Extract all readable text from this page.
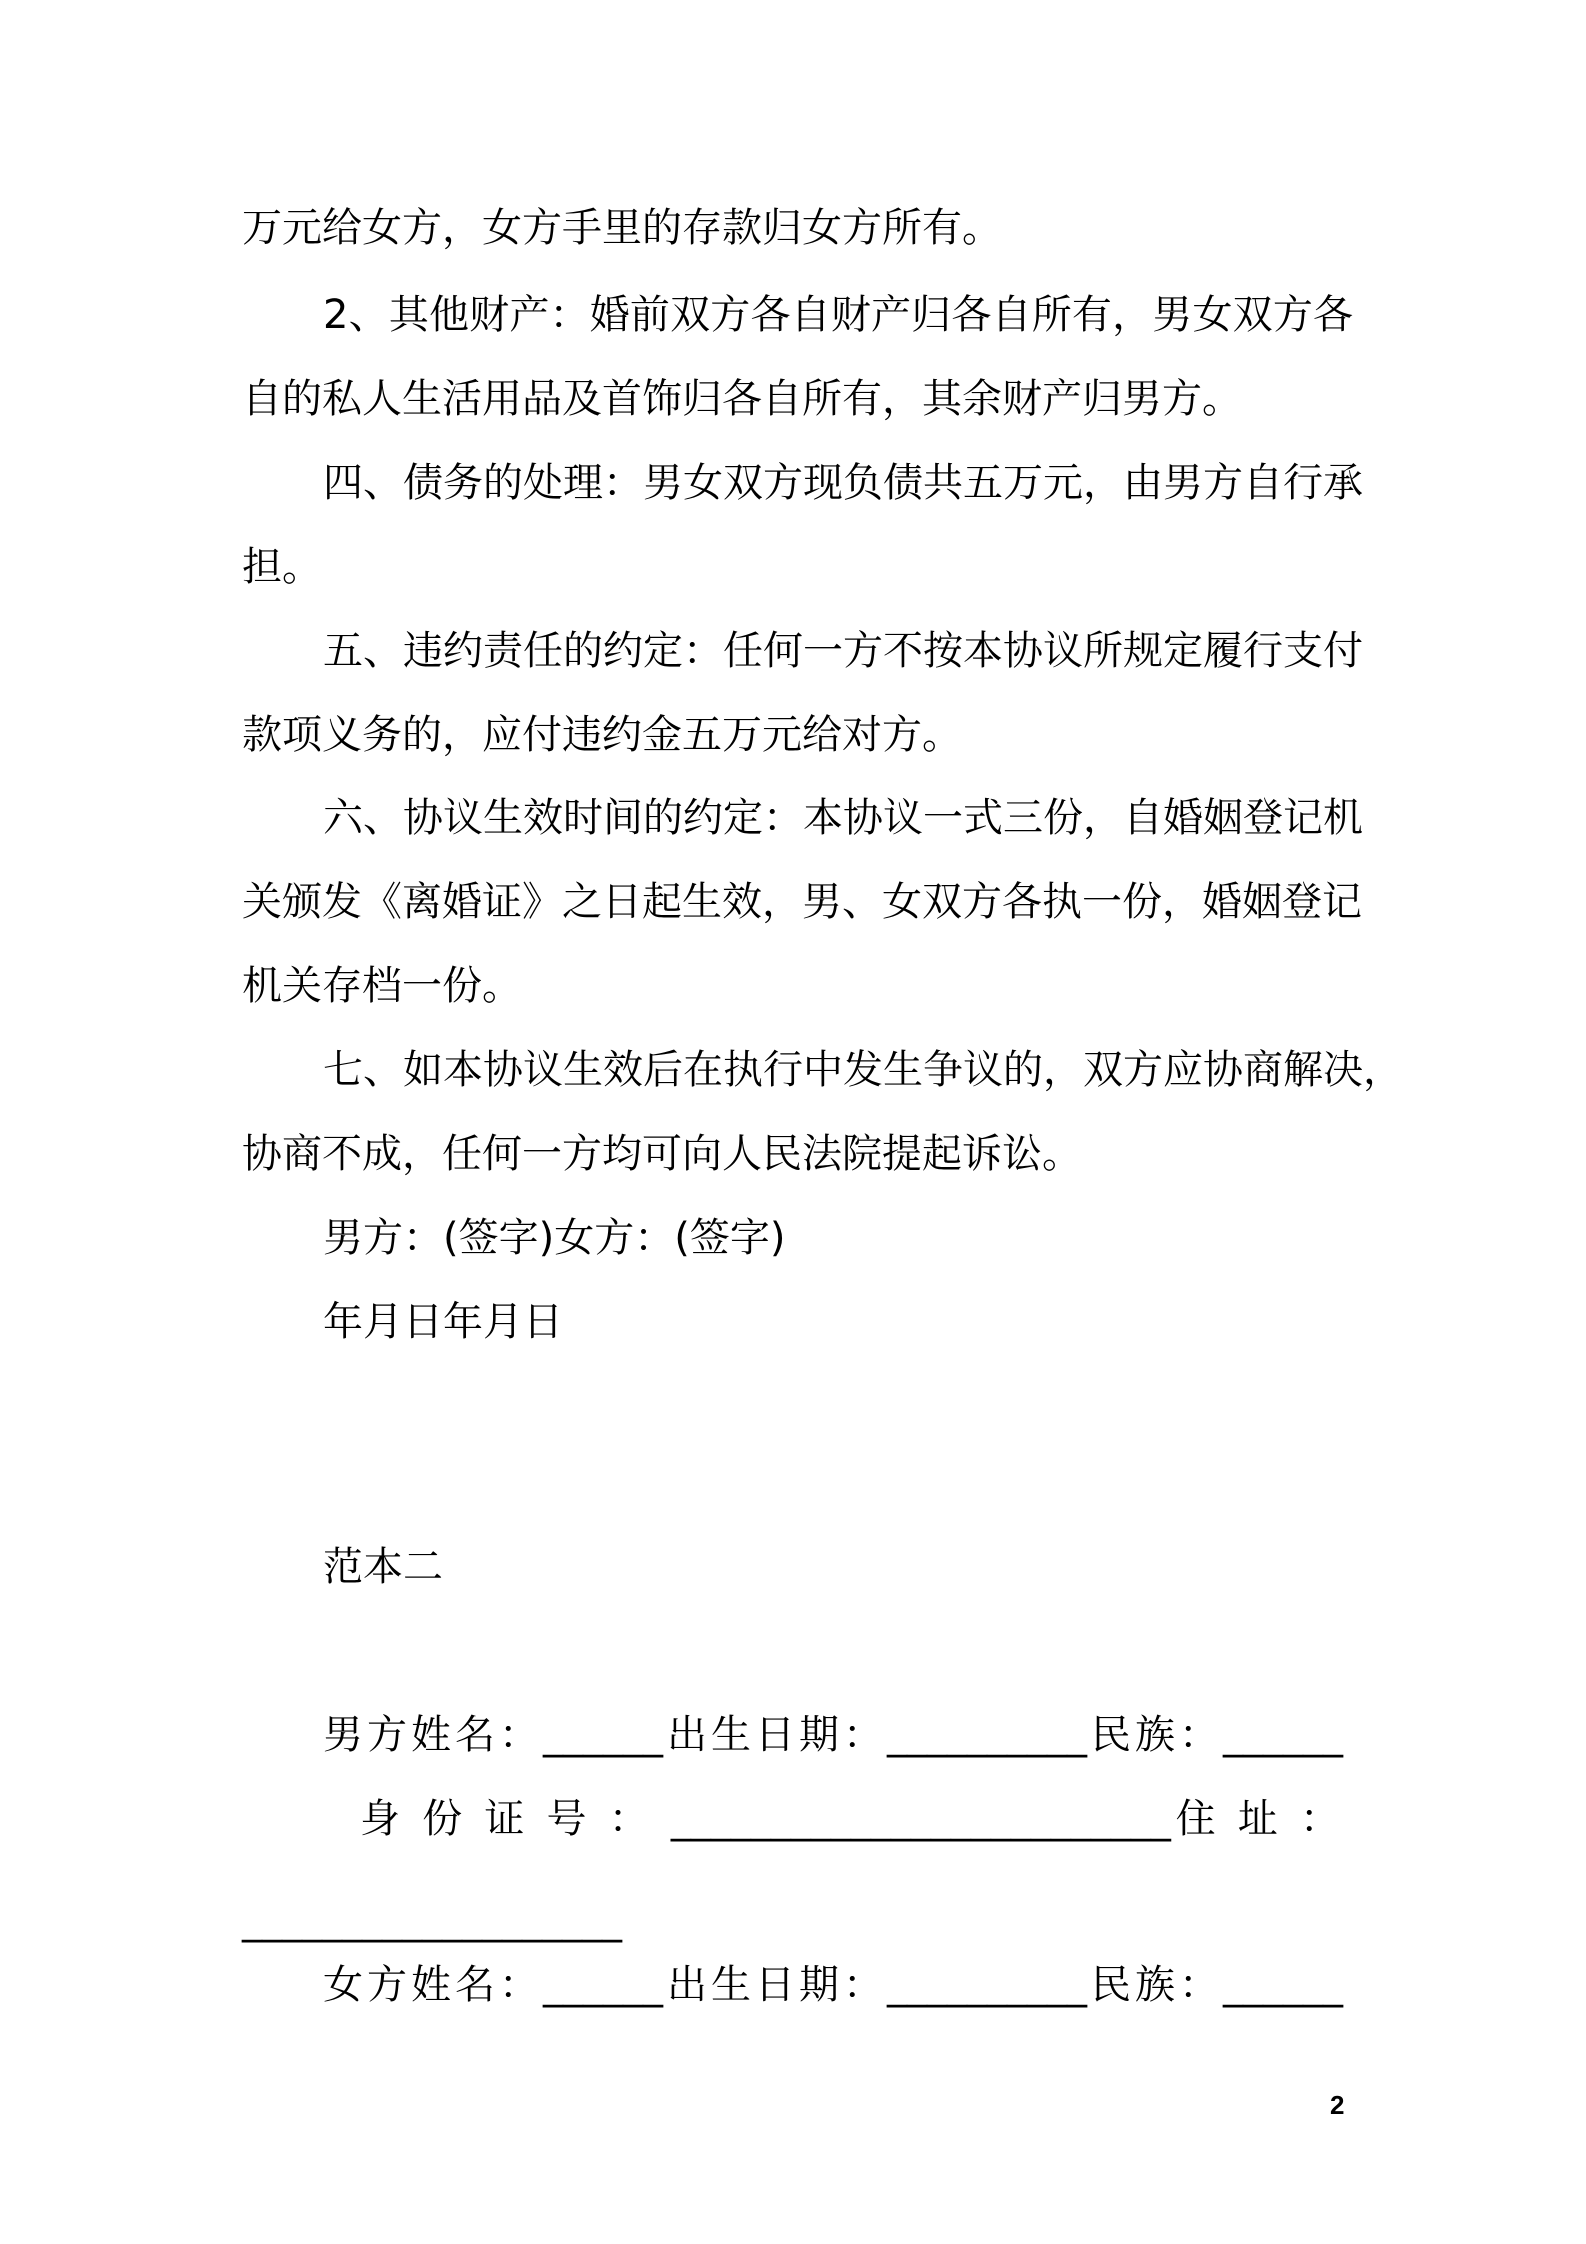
万元给女方，女方手里的存款归女方所有。
2、其他财产：婚前双方各自财产归各自所有，男女双方各
自的私人生活用品及首饰归各自所有，其余财产归男方。
四、债务的处理：男女双方现负债共五万元，由男方自行承
担。
五、违约责任的约定：任何一方不按本协议所规定履行支付
款项义务的，应付违约金五万元给对方。
六、协议生效时间的约定：本协议一式三份，自婚姻登记机
关颁发《离婚证》之日起生效，男、女双方各执一份，婚姻登记
机关存档一份。
七、如本协议生效后在执行中发生争议的，双方应协商解决，
协商不成，任何一方均可向人民法院提起诉讼。
男方：(签字)女方：(签字)
年月日年月日
范本二
男方姓名：______出生日期：__________民族：______
身 份 证 号 ： _________________________住 址 ：
___________________
女方姓名：______出生日期：__________民族：______
2
